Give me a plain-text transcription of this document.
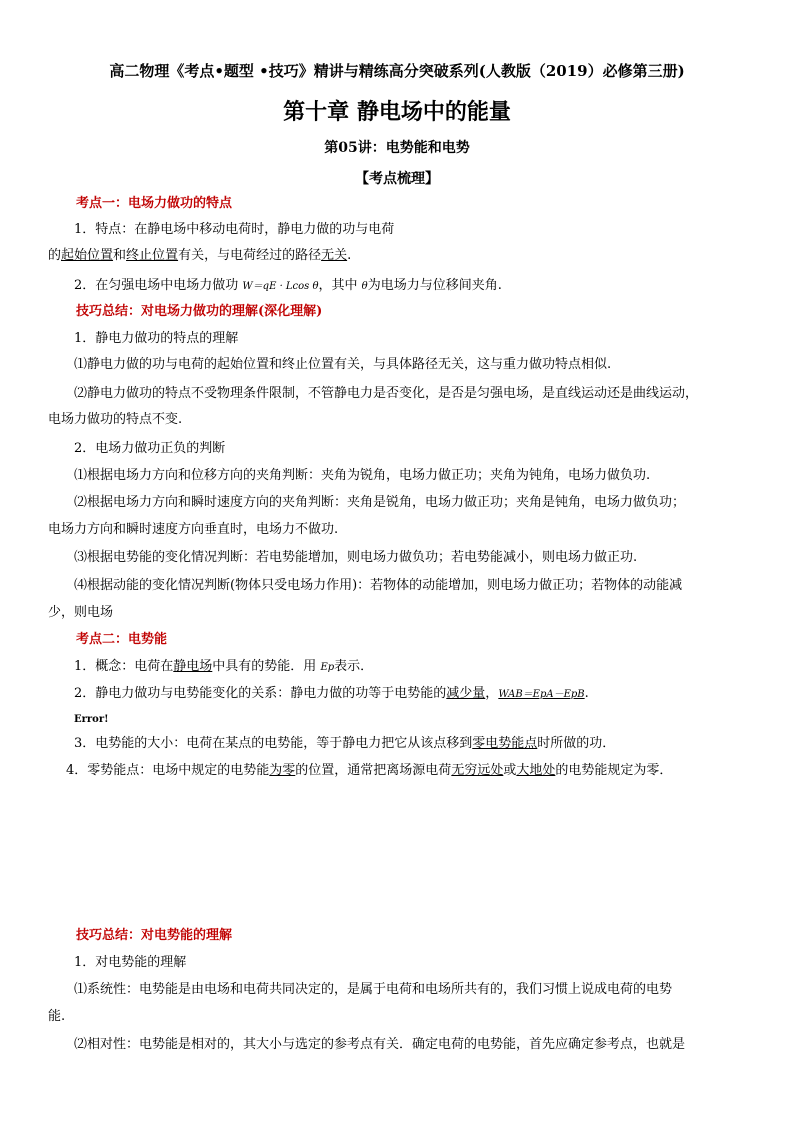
高二物理《考点•题型 •技巧》精讲与精练高分突破系列(人教版（2019）必修第三册)
第十章 静电场中的能量
第05讲：电势能和电势
【考点梳理】
考点一：电场力做功的特点
1．特点：在静电场中移动电荷时，静电力做的功与电荷
的起始位置和终止位置有关，与电荷经过的路径无关.
2．在匀强电场中电场力做功 W＝qE · Lcos θ，其中 θ为电场力与位移间夹角.
技巧总结：对电场力做功的理解(深化理解)
1．静电力做功的特点的理解
⑴静电力做的功与电荷的起始位置和终止位置有关，与具体路径无关，这与重力做功特点相似.
⑵静电力做功的特点不受物理条件限制，不管静电力是否变化，是否是匀强电场，是直线运动还是曲线运动，
电场力做功的特点不变.
2．电场力做功正负的判断
⑴根据电场力方向和位移方向的夹角判断：夹角为锐角，电场力做正功；夹角为钝角，电场力做负功.
⑵根据电场力方向和瞬时速度方向的夹角判断：夹角是锐角，电场力做正功；夹角是钝角，电场力做负功；
电场力方向和瞬时速度方向垂直时，电场力不做功.
⑶根据电势能的变化情况判断：若电势能增加，则电场力做负功；若电势能减小，则电场力做正功.
⑷根据动能的变化情况判断(物体只受电场力作用)：若物体的动能增加，则电场力做正功；若物体的动能减
少，则电场
考点二：电势能
1．概念：电荷在静电场中具有的势能．用 Ep表示．
2．静电力做功与电势能变化的关系：静电力做的功等于电势能的减少量，WAB＝EpA－EpB.
Error!
3．电势能的大小：电荷在某点的电势能，等于静电力把它从该点移到零电势能点时所做的功．
4．零势能点：电场中规定的电势能为零的位置，通常把离场源电荷无穷远处或大地处的电势能规定为零．
技巧总结：对电势能的理解
1．对电势能的理解
⑴系统性：电势能是由电场和电荷共同决定的，是属于电荷和电场所共有的，我们习惯上说成电荷的电势
能.
⑵相对性：电势能是相对的，其大小与选定的参考点有关．确定电荷的电势能，首先应确定参考点，也就是
